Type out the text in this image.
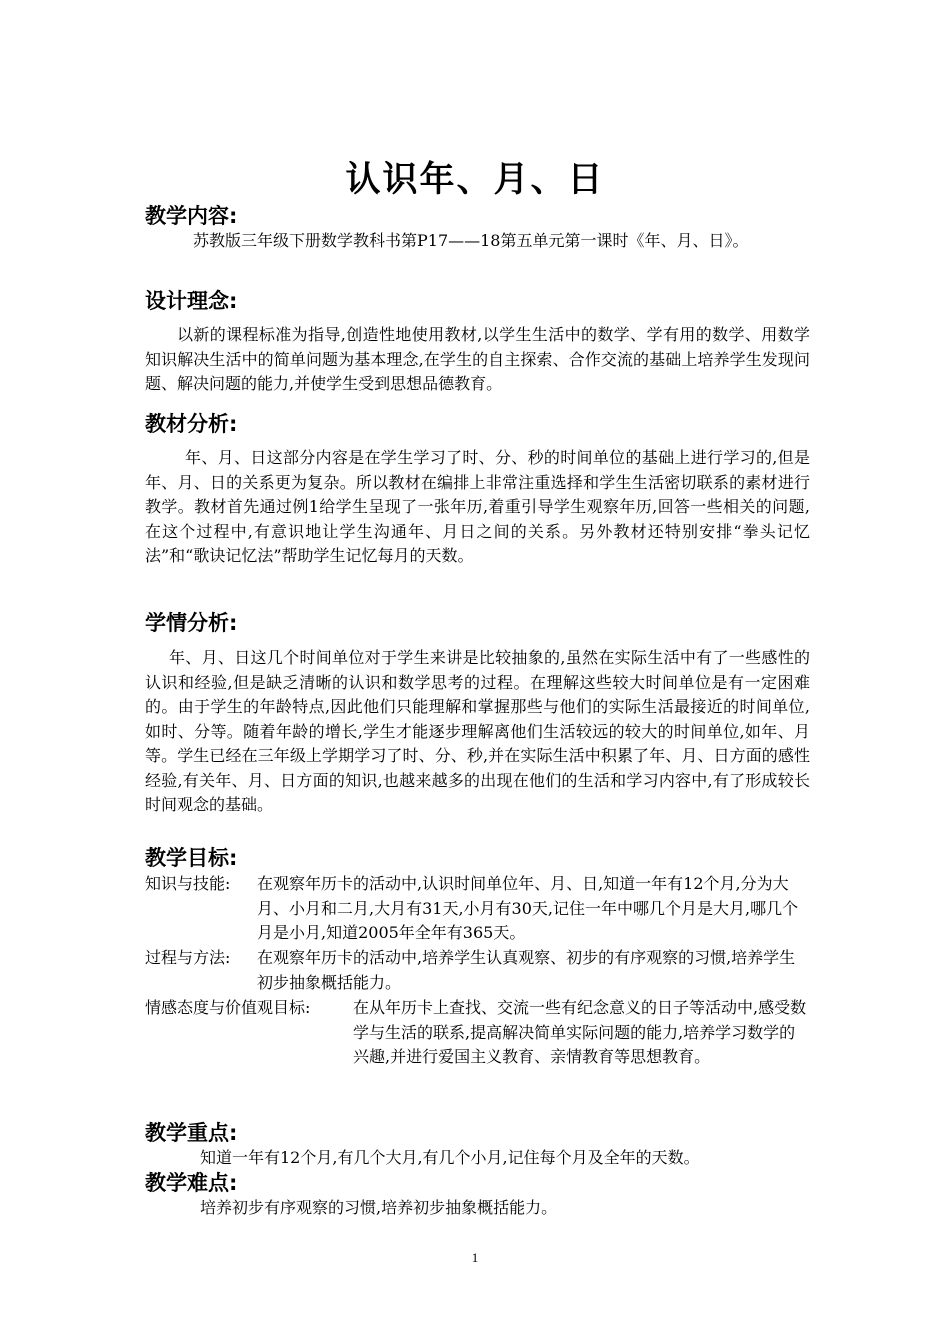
认识年、月、日
教学内容:
苏教版三年级下册数学教科书第P17——18第五单元第一课时《年、月、日》。
设计理念:
以新的课程标准为指导,创造性地使用教材,以学生生活中的数学、学有用的数学、用数学知识解决生活中的简单问题为基本理念,在学生的自主探索、合作交流的基础上培养学生发现问题、解决问题的能力,并使学生受到思想品德教育。
教材分析:
年、月、日这部分内容是在学生学习了时、分、秒的时间单位的基础上进行学习的,但是年、月、日的关系更为复杂。所以教材在编排上非常注重选择和学生生活密切联系的素材进行教学。教材首先通过例1给学生呈现了一张年历,着重引导学生观察年历,回答一些相关的问题,在这个过程中,有意识地让学生沟通年、月日之间的关系。另外教材还特别安排“拳头记忆法”和“歌诀记忆法”帮助学生记忆每月的天数。
学情分析:
年、月、日这几个时间单位对于学生来讲是比较抽象的,虽然在实际生活中有了一些感性的认识和经验,但是缺乏清晰的认识和数学思考的过程。在理解这些较大时间单位是有一定困难的。由于学生的年龄特点,因此他们只能理解和掌握那些与他们的实际生活最接近的时间单位,如时、分等。随着年龄的增长,学生才能逐步理解离他们生活较远的较大的时间单位,如年、月等。学生已经在三年级上学期学习了时、分、秒,并在实际生活中积累了年、月、日方面的感性经验,有关年、月、日方面的知识,也越来越多的出现在他们的生活和学习内容中,有了形成较长时间观念的基础。
教学目标:
知识与技能: 在观察年历卡的活动中,认识时间单位年、月、日,知道一年有12个月,分为大月、小月和二月,大月有31天,小月有30天,记住一年中哪几个月是大月,哪几个月是小月,知道2005年全年有365天。
过程与方法: 在观察年历卡的活动中,培养学生认真观察、初步的有序观察的习惯,培养学生初步抽象概括能力。
情感态度与价值观目标:	在从年历卡上查找、交流一些有纪念意义的日子等活动中,感受数学与生活的联系,提高解决简单实际问题的能力,培养学习数学的兴趣,并进行爱国主义教育、亲情教育等思想教育。
教学重点:
知道一年有12个月,有几个大月,有几个小月,记住每个月及全年的天数。
教学难点:
培养初步有序观察的习惯,培养初步抽象概括能力。
1
